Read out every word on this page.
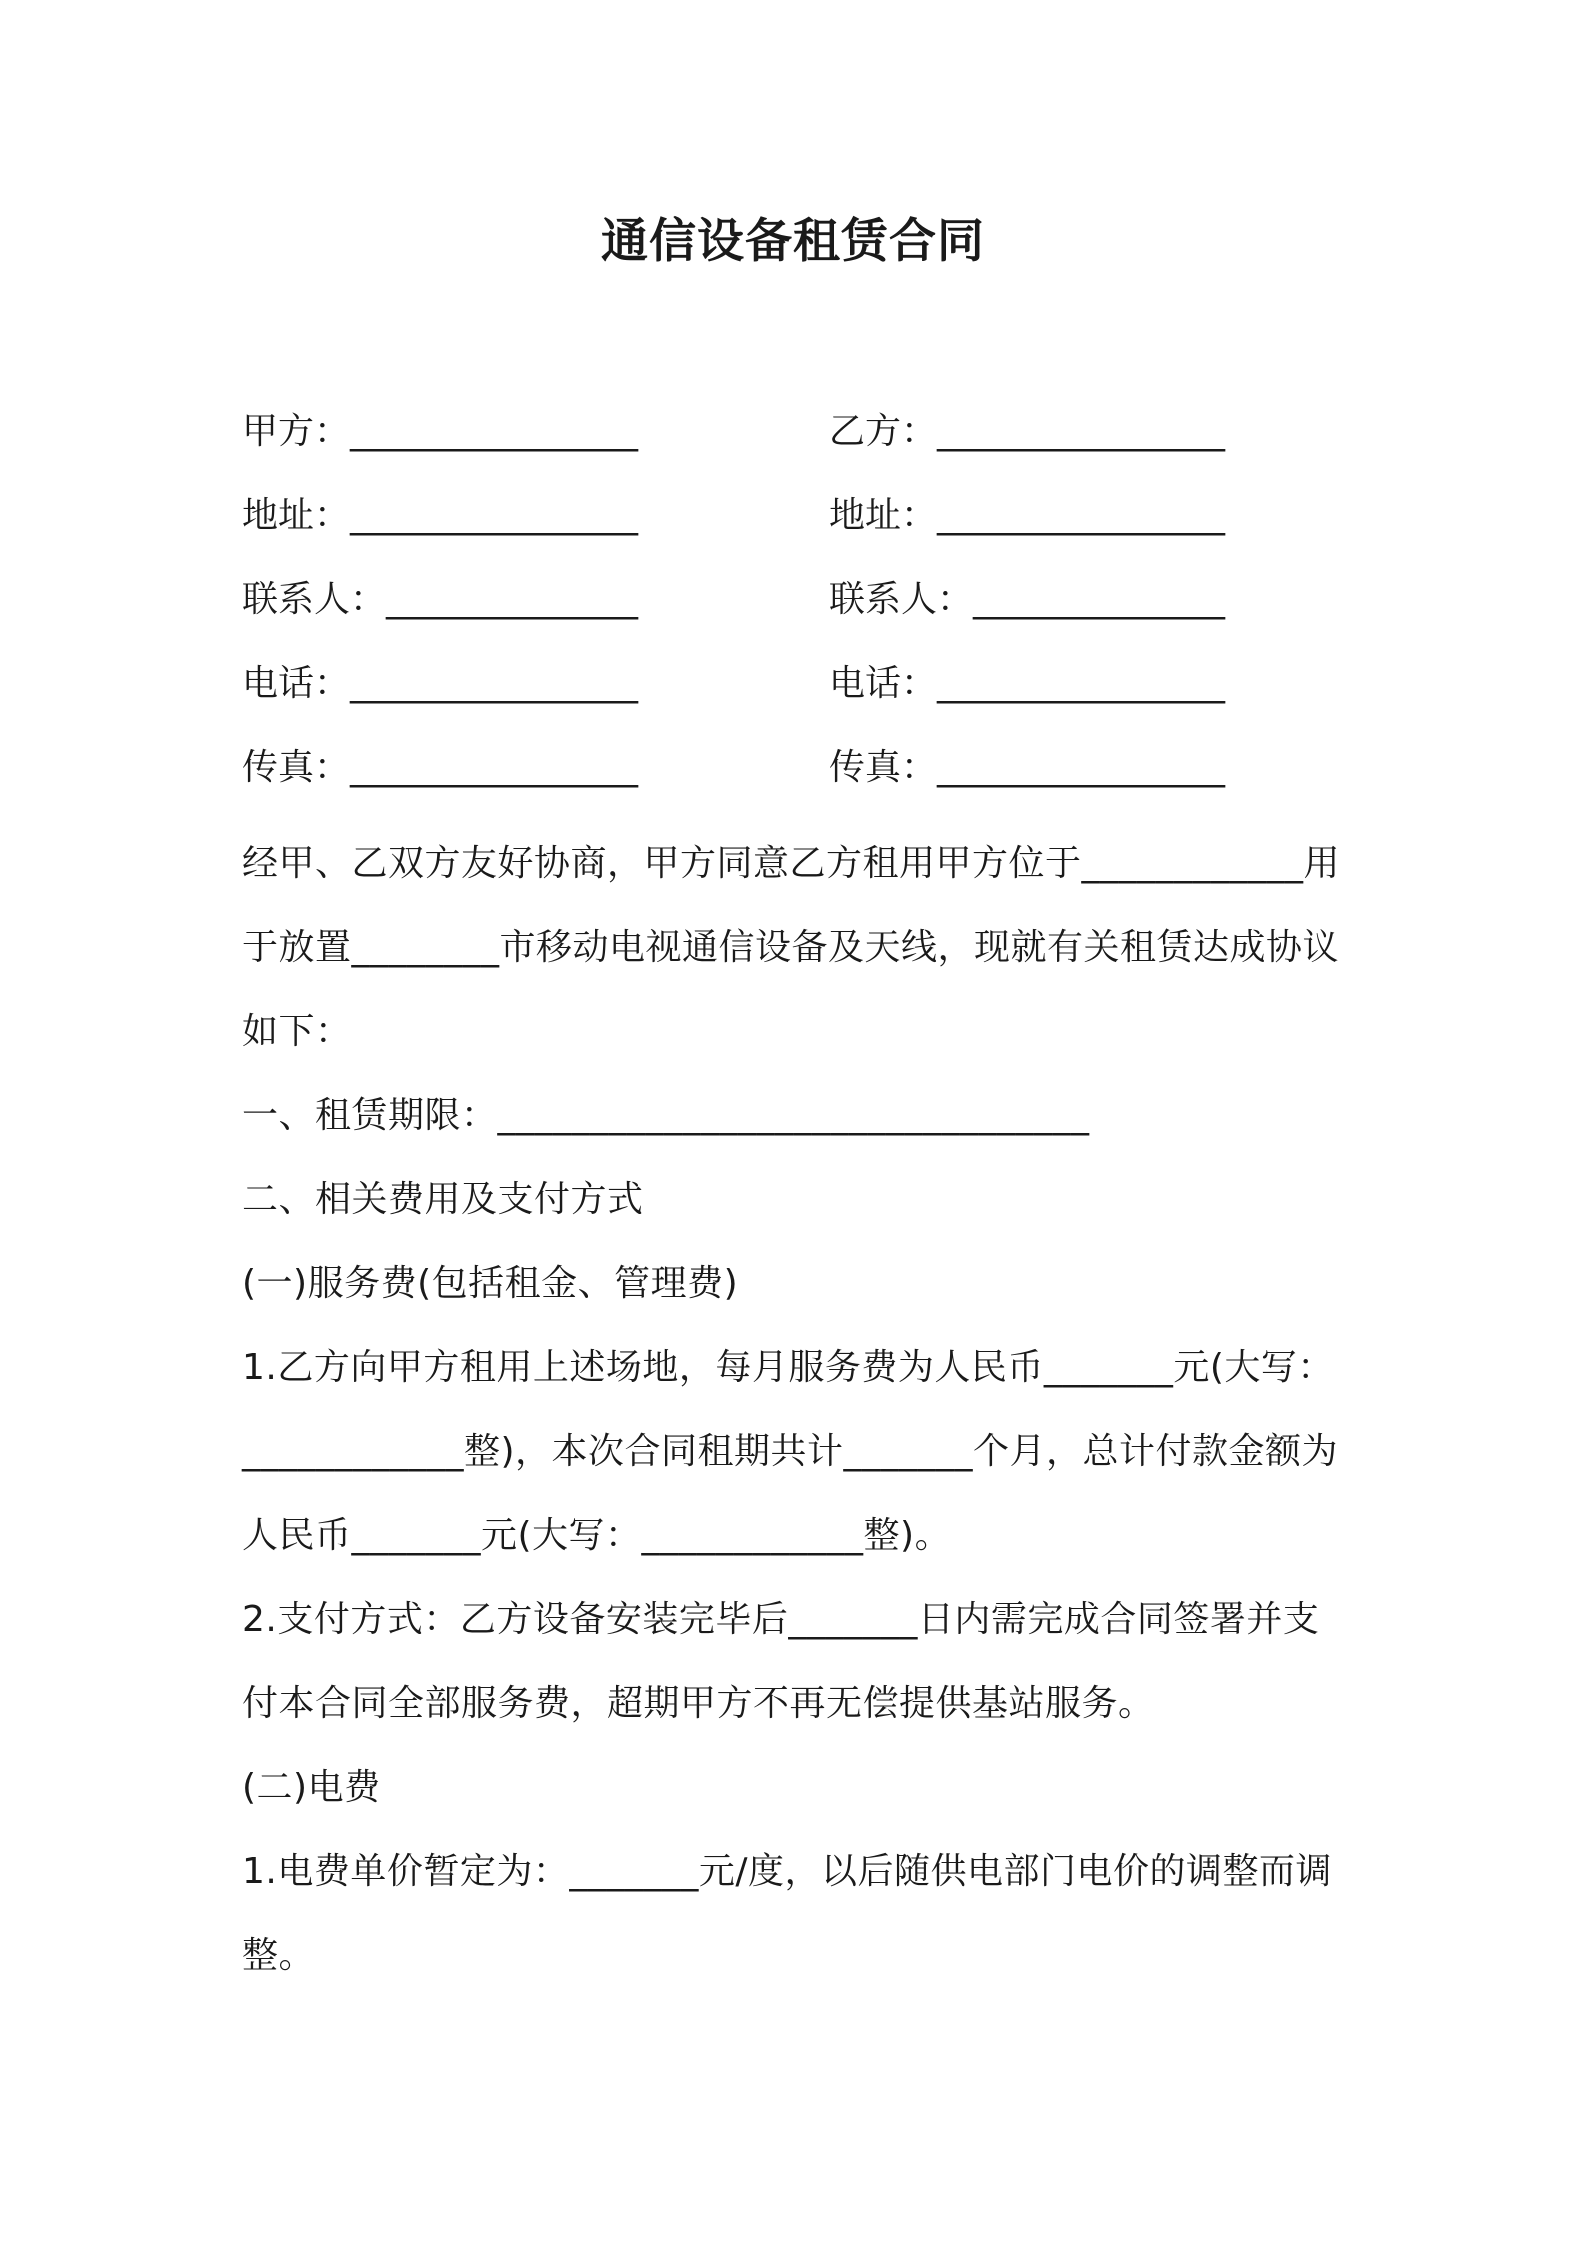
通信设备租赁合同
甲方：________________	乙方：________________
地址：________________	地址：________________
联系人：______________	联系人：______________
电话：________________	电话：________________
传真：________________	传真：________________

经甲、乙双方友好协商，甲方同意乙方租用甲方位于____________用于放置________市移动电视通信设备及天线，现就有关租赁达成协议如下：

一、租赁期限：________________________________

二、相关费用及支付方式

(一)服务费(包括租金、管理费)

1.乙方向甲方租用上述场地，每月服务费为人民币_______元(大写：____________整)，本次合同租期共计_______个月，总计付款金额为人民币_______元(大写：____________整)。

2.支付方式：乙方设备安装完毕后_______日内需完成合同签署并支付本合同全部服务费，超期甲方不再无偿提供基站服务。

(二)电费

1.电费单价暂定为：_______元/度，以后随供电部门电价的调整而调整。
